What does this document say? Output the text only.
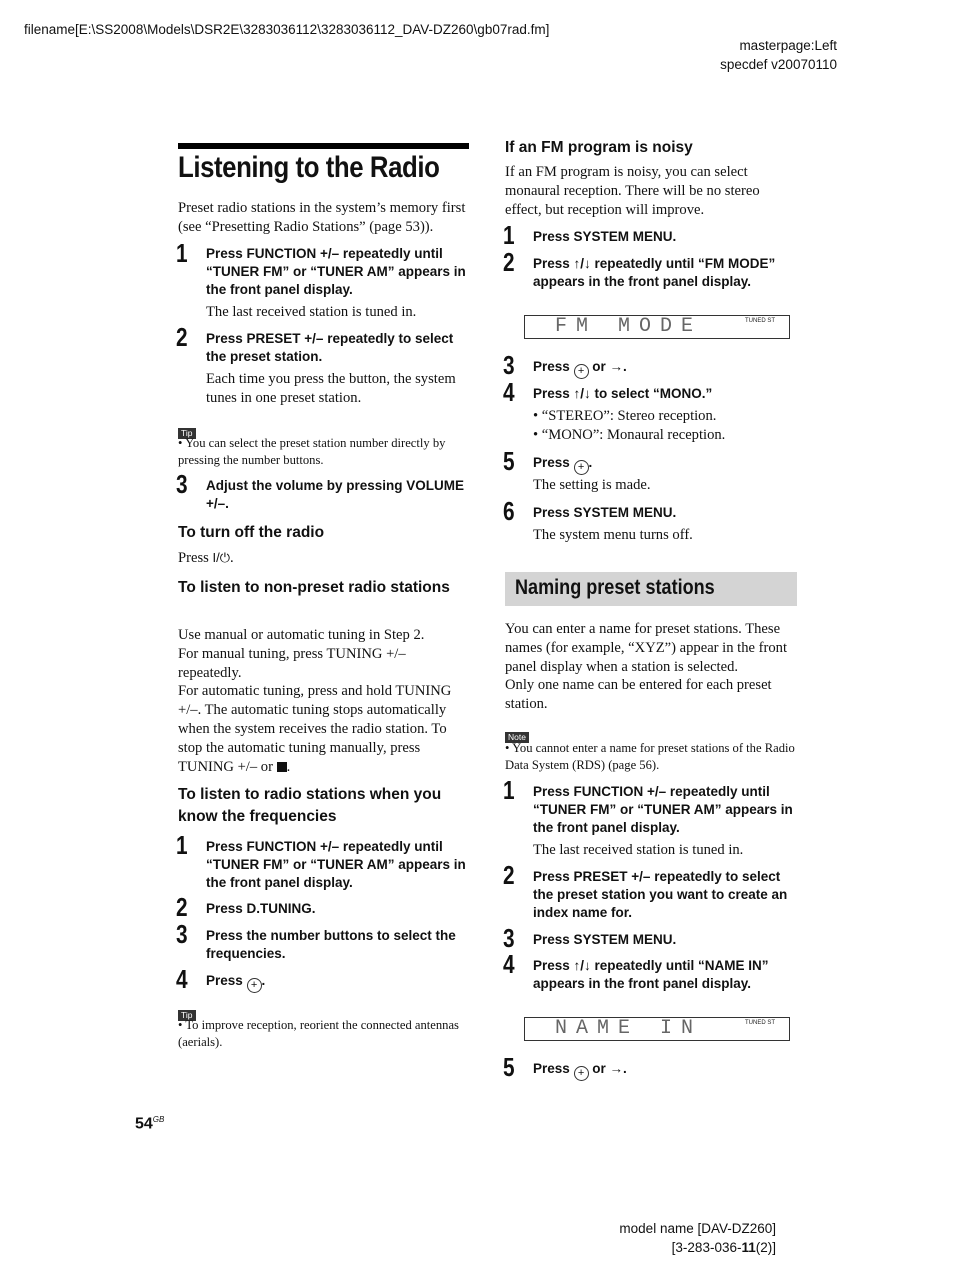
filename[E:\SS2008\Models\DSR2E\3283036112\3283036112_DAV-DZ260\gb07rad.fm]
masterpage:Left
specdef v20070110
Listening to the Radio
Preset radio stations in the system’s memory first (see “Presetting Radio Stations” (page 53)).
1 Press FUNCTION +/– repeatedly until “TUNER FM” or “TUNER AM” appears in the front panel display.
The last received station is tuned in.
2 Press PRESET +/– repeatedly to select the preset station.
Each time you press the button, the system tunes in one preset station.
Tip
• You can select the preset station number directly by pressing the number buttons.
3 Adjust the volume by pressing VOLUME +/–.
To turn off the radio
Press I/⏻.
To listen to non-preset radio stations
Use manual or automatic tuning in Step 2.
For manual tuning, press TUNING +/– repeatedly.
For automatic tuning, press and hold TUNING +/–. The automatic tuning stops automatically when the system receives the radio station. To stop the automatic tuning manually, press TUNING +/– or .
To listen to radio stations when you know the frequencies
1 Press FUNCTION +/– repeatedly until “TUNER FM” or “TUNER AM” appears in the front panel display.
2 Press D.TUNING.
3 Press the number buttons to select the frequencies.
4 Press + .
Tip
• To improve reception, reorient the connected antennas (aerials).
If an FM program is noisy
If an FM program is noisy, you can select monaural reception. There will be no stereo effect, but reception will improve.
1 Press SYSTEM MENU.
2 Press ↑/↓ repeatedly until “FM MODE” appears in the front panel display.
FM MODE	TUNED ST
3 Press + or →.
4 Press ↑/↓ to select “MONO.”
• “STEREO”: Stereo reception.
• “MONO”: Monaural reception.
5 Press + .
The setting is made.
6 Press SYSTEM MENU.
The system menu turns off.
Naming preset stations
You can enter a name for preset stations. These names (for example, “XYZ”) appear in the front panel display when a station is selected.
Only one name can be entered for each preset station.
Note
• You cannot enter a name for preset stations of the Radio Data System (RDS) (page 56).
1 Press FUNCTION +/– repeatedly until “TUNER FM” or “TUNER AM” appears in the front panel display.
The last received station is tuned in.
2 Press PRESET +/– repeatedly to select the preset station you want to create an index name for.
3 Press SYSTEM MENU.
4 Press ↑/↓ repeatedly until “NAME IN” appears in the front panel display.
NAME IN	TUNED ST
5 Press + or →.
$54^{GB}$
model name [DAV-DZ260]
[3-283-036-11(2)]
